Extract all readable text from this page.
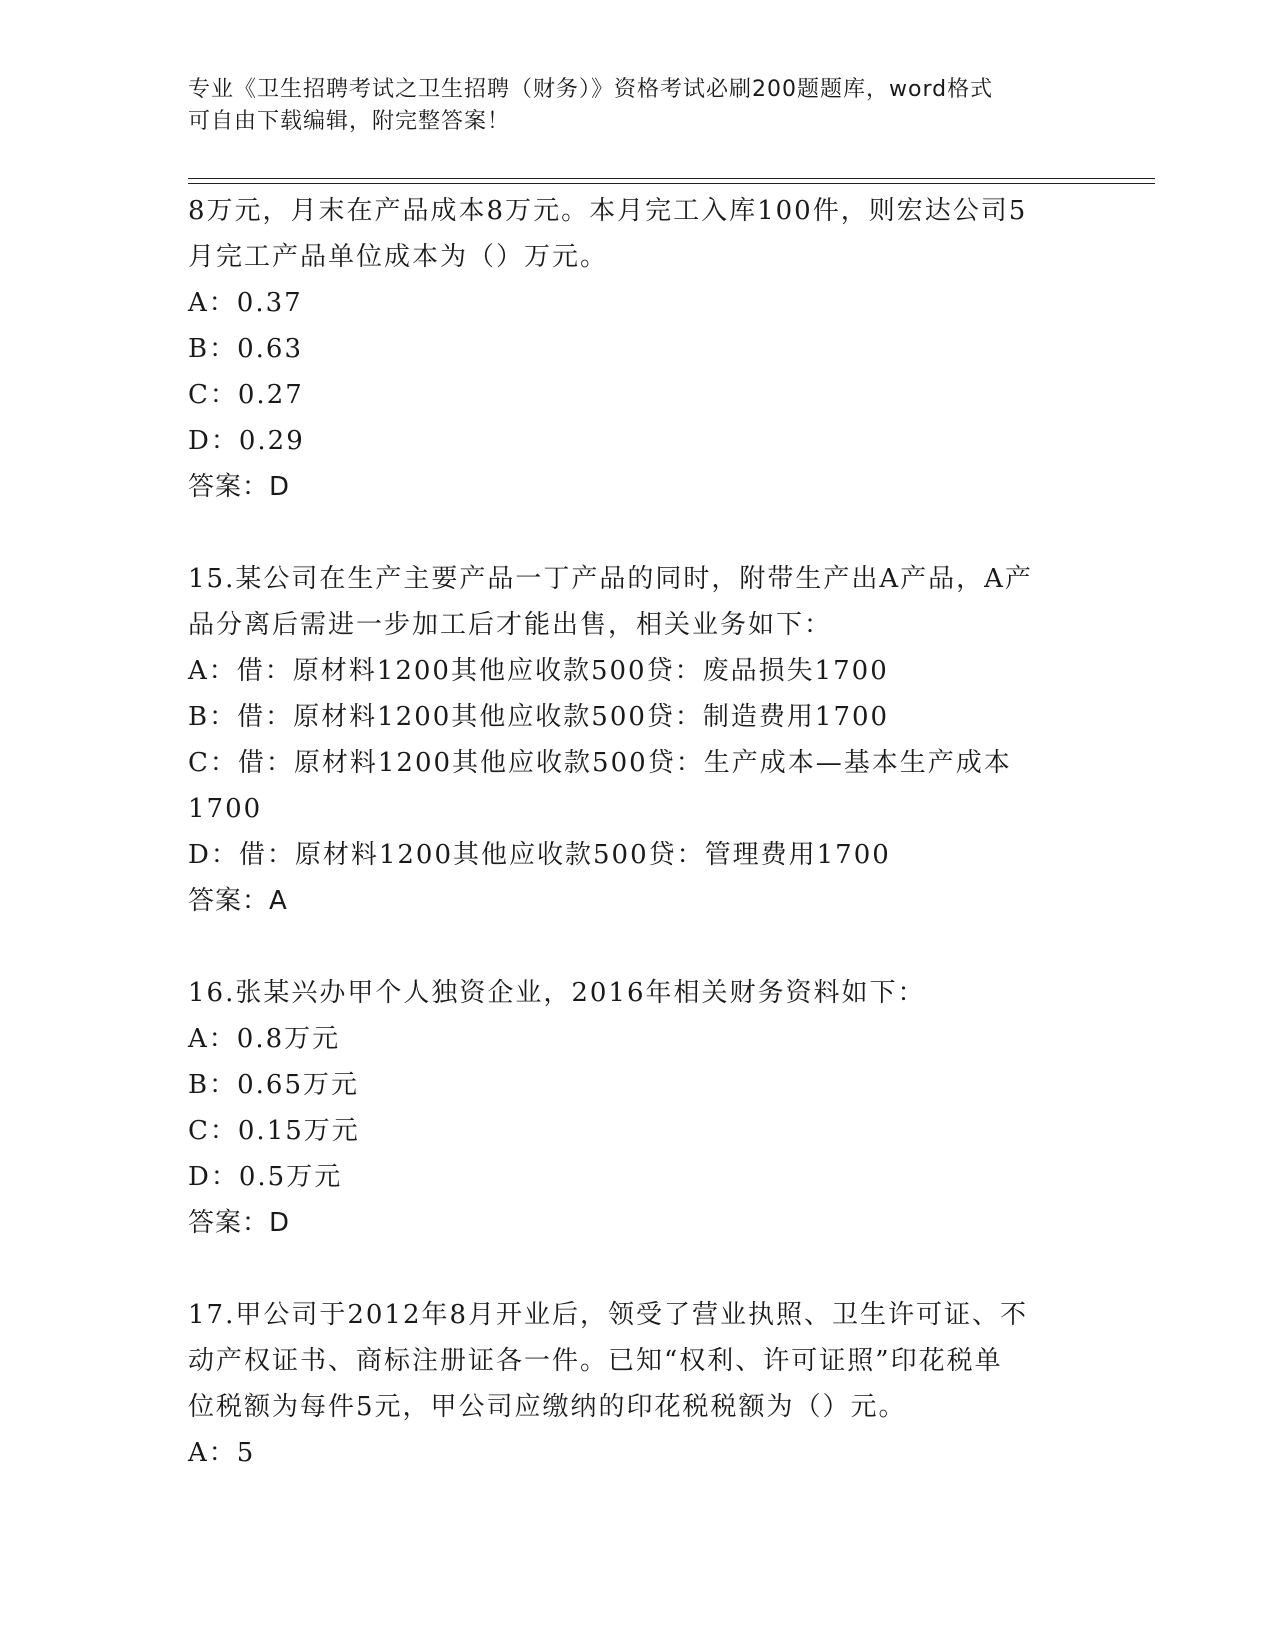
专业《卫生招聘考试之卫生招聘（财务）》资格考试必刷200题题库，word格式
可自由下载编辑，附完整答案！
8万元，月末在产品成本8万元。本月完工入库100件，则宏达公司5
月完工产品单位成本为（）万元。
A：0.37
B：0.63
C：0.27
D：0.29
答案：D
15.某公司在生产主要产品一丁产品的同时，附带生产出A产品，A产
品分离后需进一步加工后才能出售，相关业务如下：
A：借：原材料1200其他应收款500贷：废品损失1700
B：借：原材料1200其他应收款500贷：制造费用1700
C：借：原材料1200其他应收款500贷：生产成本—基本生产成本
1700
D：借：原材料1200其他应收款500贷：管理费用1700
答案：A
16.张某兴办甲个人独资企业，2016年相关财务资料如下：
A：0.8万元
B：0.65万元
C：0.15万元
D：0.5万元
答案：D
17.甲公司于2012年8月开业后，领受了营业执照、卫生许可证、不
动产权证书、商标注册证各一件。已知“权利、许可证照”印花税单
位税额为每件5元，甲公司应缴纳的印花税税额为（）元。
A：5
